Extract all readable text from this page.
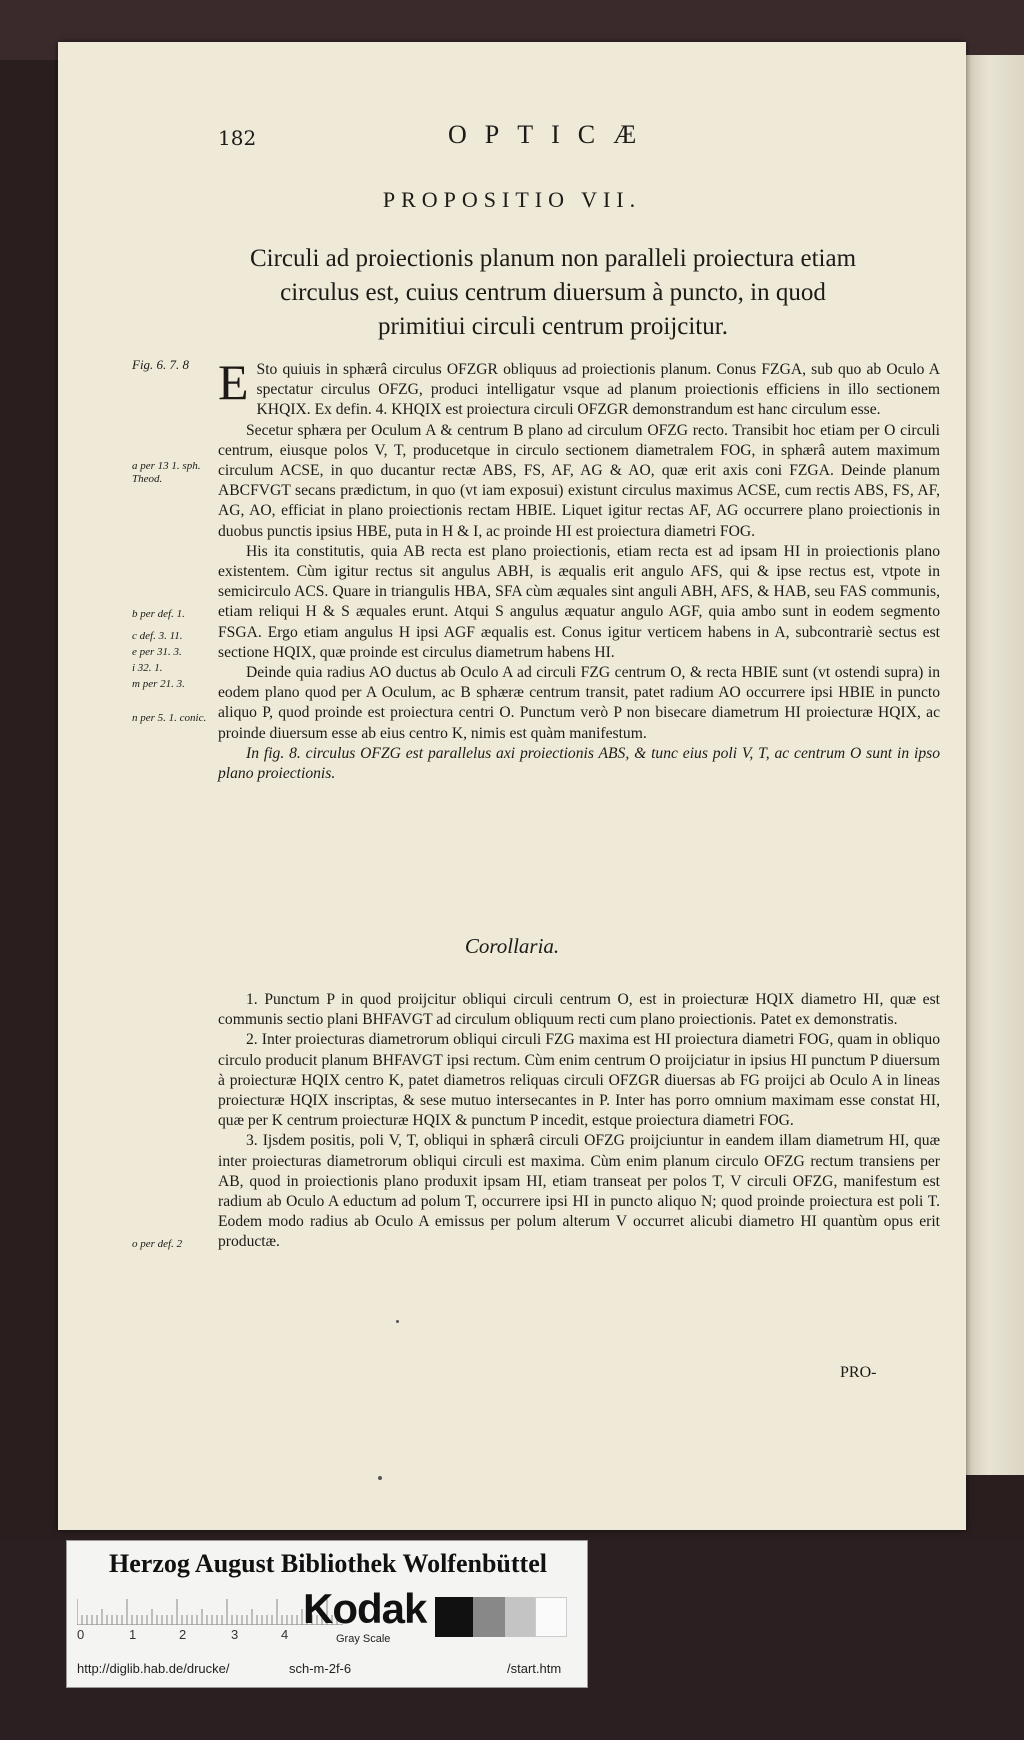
182	OPTICÆ
PROPOSITIO VII.
Circuli ad proiectionis planum non paralleli proiectura etiam
circulus est, cuius centrum diuersum à puncto, in quod
primitiui circuli centrum proijcitur.
Fig. 6. 7. 8
a per 13 1. sph. Theod.
b per def. 1.
c def. 3. 11.
e per 31. 3.
i 32. 1.
m per 21. 3.
n per 5. 1. conic.
o per def. 2

E Sto quiuis in sphærâ circulus OFZGR obliquus ad proiectionis planum. Conus FZGA, sub quo ab Oculo A spectatur circulus OFZG, produci intelligatur vsque ad planum proiectionis efficiens in illo sectionem KHQIX. Ex defin. 4. KHQIX est proiectura circuli OFZGR demonstrandum est hanc circulum esse.

Secetur sphæra per Oculum A & centrum B plano ad circulum OFZG recto. Transibit hoc etiam per O circuli centrum, eiusque polos V, T, producetque in circulo sectionem diametralem FOG, in sphærâ autem maximum circulum ACSE, in quo ducantur rectæ ABS, FS, AF, AG & AO, quæ erit axis coni FZGA. Deinde planum ABCFVGT secans prædictum, in quo (vt iam exposui) existunt circulus maximus ACSE, cum rectis ABS, FS, AF, AG, AO, efficiat in plano proiectionis rectam HBIE. Liquet igitur rectas AF, AG occurrere plano proiectionis in duobus punctis ipsius HBE, puta in H & I, ac proinde HI est proiectura diametri FOG.

His ita constitutis, quia AB recta est plano proiectionis, etiam recta est ad ipsam HI in proiectionis plano existentem. Cùm igitur rectus sit angulus ABH, is æqualis erit angulo AFS, qui & ipse rectus est, vtpote in semicirculo ACS. Quare in triangulis HBA, SFA cùm æquales sint anguli ABH, AFS, & HAB, seu FAS communis, etiam reliqui H & S æquales erunt. Atqui S angulus æquatur angulo AGF, quia ambo sunt in eodem segmento FSGA. Ergo etiam angulus H ipsi AGF æqualis est. Conus igitur verticem habens in A, subcontrariè sectus est sectione HQIX, quæ proinde est circulus diametrum habens HI.

Deinde quia radius AO ductus ab Oculo A ad circuli FZG centrum O, & recta HBIE sunt (vt ostendi supra) in eodem plano quod per A Oculum, ac B sphæræ centrum transit, patet radium AO occurrere ipsi HBIE in puncto aliquo P, quod proinde est proiectura centri O. Punctum verò P non bisecare diametrum HI proiecturæ HQIX, ac proinde diuersum esse ab eius centro K, nimis est quàm manifestum.

In fig. 8. circulus OFZG est parallelus axi proiectionis ABS, & tunc eius poli V, T, ac centrum O sunt in ipso plano proiectionis.

Corollaria.

1. Punctum P in quod proijcitur obliqui circuli centrum O, est in proiecturæ HQIX diametro HI, quæ est communis sectio plani BHFAVGT ad circulum obliquum recti cum plano proiectionis. Patet ex demonstratis.

2. Inter proiecturas diametrorum obliqui circuli FZG maxima est HI proiectura diametri FOG, quam in obliquo circulo producit planum BHFAVGT ipsi rectum. Cùm enim centrum O proijciatur in ipsius HI punctum P diuersum à proiecturæ HQIX centro K, patet diametros reliquas circuli OFZGR diuersas ab FG proijci ab Oculo A in lineas proiecturæ HQIX inscriptas, & sese mutuo intersecantes in P. Inter has porro omnium maximam esse constat HI, quæ per K centrum proiecturæ HQIX & punctum P incedit, estque proiectura diametri FOG.

3. Ijsdem positis, poli V, T, obliqui in sphærâ circuli OFZG proijciuntur in eandem illam diametrum HI, quæ inter proiecturas diametrorum obliqui circuli est maxima. Cùm enim planum circulo OFZG rectum transiens per AB, quod in proiectionis plano produxit ipsam HI, etiam transeat per polos T, V circuli OFZG, manifestum est radium ab Oculo A eductum ad polum T, occurrere ipsi HI in puncto aliquo N; quod proinde proiectura est poli T. Eodem modo radius ab Oculo A emissus per polum alterum V occurret alicubi diametro HI quantùm opus erit productæ.

PRO-
Herzog August Bibliothek Wolfenbüttel
0	1	2	3	4
Kodak
Gray Scale
http://diglib.hab.de/drucke/	sch-m-2f-6	/start.htm
